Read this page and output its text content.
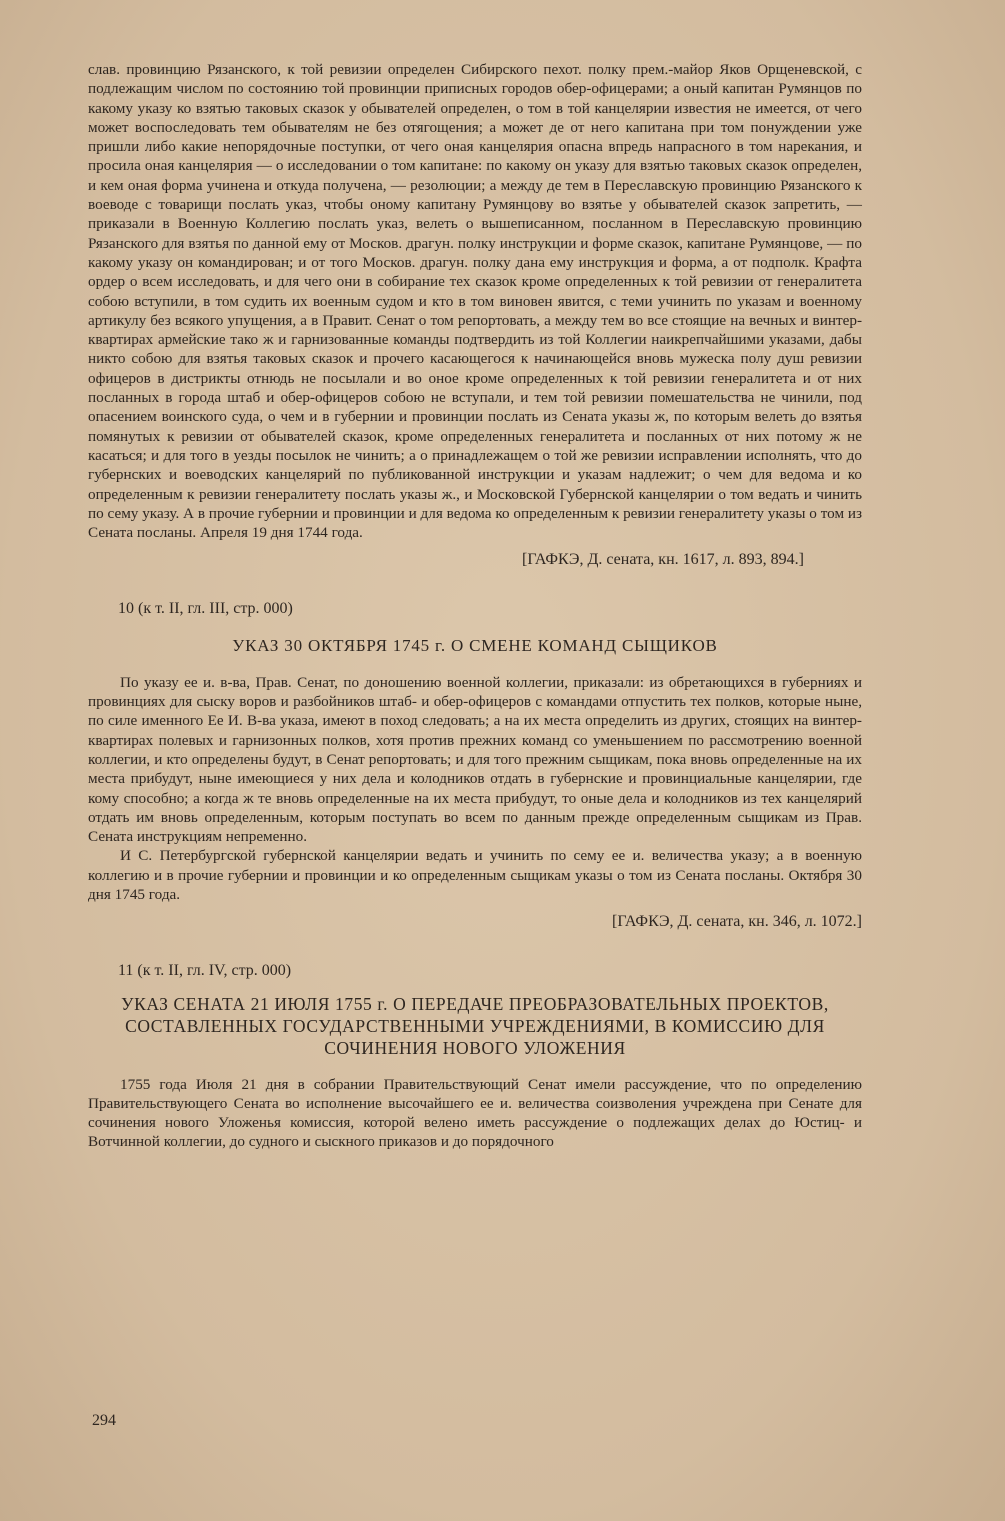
слав. провинцию Рязанского, к той ревизии определен Сибирского пехот. полку прем.-майор Яков Орщеневской, с подлежащим числом по состоянию той провинции приписных городов обер-офицерами; а оный капитан Румянцов по какому указу ко взятью таковых сказок у обывателей определен, о том в той канцелярии известия не имеется, от чего может воспоследовать тем обывателям не без отягощения; а может де от него капитана при том понуждении уже пришли либо какие непорядочные поступки, от чего оная канцелярия опасна впредь напрасного в том нарекания, и просила оная канцелярия — о исследовании о том капитане: по какому он указу для взятью таковых сказок определен, и кем оная форма учинена и откуда получена, — резолюции; а между де тем в Переславскую провинцию Рязанского к воеводе с товарищи послать указ, чтобы оному капитану Румянцову во взятье у обывателей сказок запретить, — приказали в Военную Коллегию послать указ, велеть о вышеписанном, посланном в Переславскую провинцию Рязанского для взятья по данной ему от Москов. драгун. полку инструкции и форме сказок, капитане Румянцове, — по какому указу он командирован; и от того Москов. драгун. полку дана ему инструкция и форма, а от подполк. Крафта ордер о всем исследовать, и для чего они в собирание тех сказок кроме определенных к той ревизии от генералитета собою вступили, в том судить их военным судом и кто в том виновен явится, с теми учинить по указам и военному артикулу без всякого упущения, а в Правит. Сенат о том репортовать, а между тем во все стоящие на вечных и винтер-квартирах армейские тако ж и гарнизованные команды подтвердить из той Коллегии наикрепчайшими указами, дабы никто собою для взятья таковых сказок и прочего касающегося к начинающейся вновь мужеска полу душ ревизии офицеров в дистрикты отнюдь не посылали и во оное кроме определенных к той ревизии генералитета и от них посланных в города штаб и обер-офицеров собою не вступали, и тем той ревизии помешательства не чинили, под опасением воинского суда, о чем и в губернии и провинции послать из Сената указы ж, по которым велеть до взятья помянутых к ревизии от обывателей сказок, кроме определенных генералитета и посланных от них потому ж не касаться; и для того в уезды посылок не чинить; а о принадлежащем о той же ревизии исправлении исполнять, что до губернских и воеводских канцелярий по публикованной инструкции и указам надлежит; о чем для ведома и ко определенным к ревизии генералитету послать указы ж., и Московской Губернской канцелярии о том ведать и чинить по сему указу. А в прочие губернии и провинции и для ведома ко определенным к ревизии генералитету указы о том из Сената посланы. Апреля 19 дня 1744 года.

[ГАФКЭ, Д. сената, кн. 1617, л. 893, 894.]

10 (к т. II, гл. III, стр. 000)

УКАЗ 30 ОКТЯБРЯ 1745 г. О СМЕНЕ КОМАНД СЫЩИКОВ

По указу ее и. в-ва, Прав. Сенат, по доношению военной коллегии, приказали: из обретающихся в губерниях и провинциях для сыску воров и разбойников штаб- и обер-офицеров с командами отпустить тех полков, которые ныне, по силе именного Ее И. В-ва указа, имеют в поход следовать; а на их места определить из других, стоящих на винтер-квартирах полевых и гарнизонных полков, хотя против прежних команд со уменьшением по рассмотрению военной коллегии, и кто определены будут, в Сенат репортовать; и для того прежним сыщикам, пока вновь определенные на их места прибудут, ныне имеющиеся у них дела и колодников отдать в губернские и провинциальные канцелярии, где кому способно; а когда ж те вновь определенные на их места прибудут, то оные дела и колодников из тех канцелярий отдать им вновь определенным, которым поступать во всем по данным прежде определенным сыщикам из Прав. Сената инструкциям непременно.

И С. Петербургской губернской канцелярии ведать и учинить по сему ее и. величества указу; а в военную коллегию и в прочие губернии и провинции и ко определенным сыщикам указы о том из Сената посланы. Октября 30 дня 1745 года.

[ГАФКЭ, Д. сената, кн. 346, л. 1072.]

11 (к т. II, гл. IV, стр. 000)

УКАЗ СЕНАТА 21 ИЮЛЯ 1755 г. О ПЕРЕДАЧЕ ПРЕОБРАЗОВАТЕЛЬНЫХ ПРОЕКТОВ, СОСТАВЛЕННЫХ ГОСУДАРСТВЕННЫМИ УЧРЕЖДЕНИЯМИ, В КОМИССИЮ ДЛЯ СОЧИНЕНИЯ НОВОГО УЛОЖЕНИЯ

1755 года Июля 21 дня в собрании Правительствующий Сенат имели рассуждение, что по определению Правительствующего Сената во исполнение высочайшего ее и. величества соизволения учреждена при Сенате для сочинения нового Уложенья комиссия, которой велено иметь рассуждение о подлежащих делах до Юстиц- и Вотчинной коллегии, до судного и сыскного приказов и до порядочного

294
